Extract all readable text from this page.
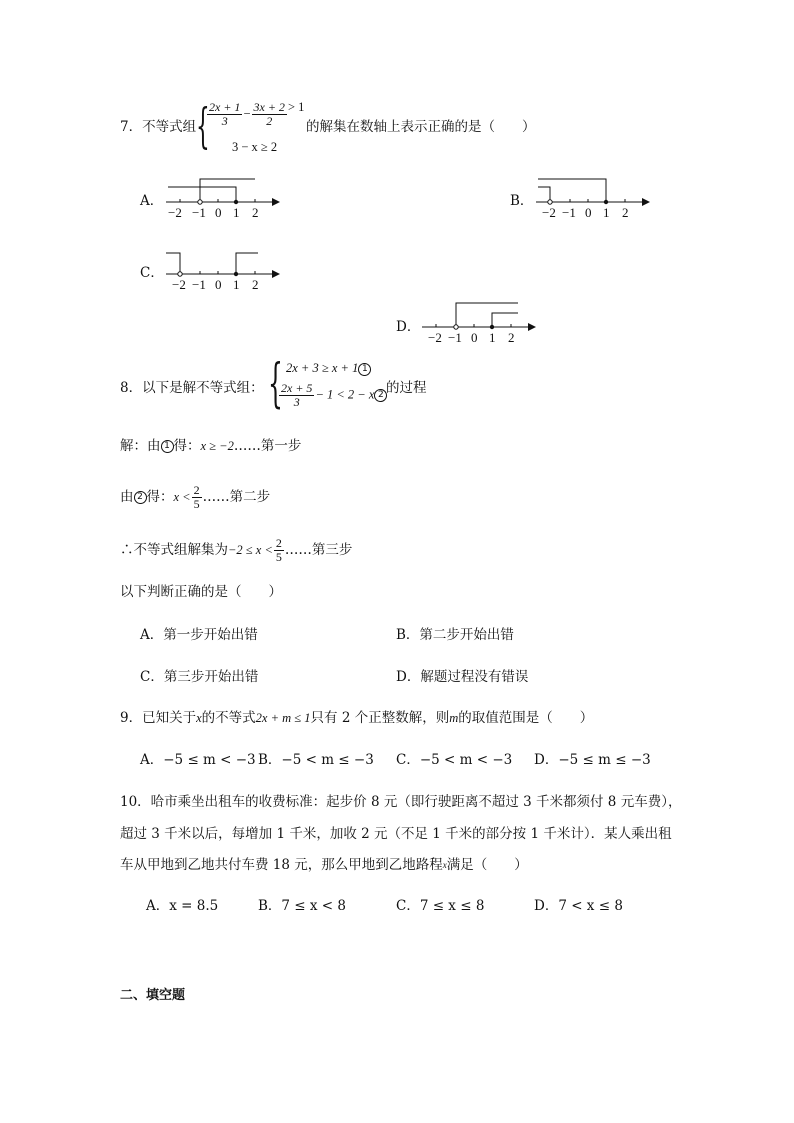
7．不等式组 {
$\frac{2x + 1}{3} - \frac{3x + 2}{2} > 1$
3 − x ≥ 2
的解集在数轴上表示正确的是（　　）
A．
−2 −1 0 1 2
B．
−2 −1 0 1 2
C．
−2 −1 0 1 2
D．
−2 −1 0 1 2
8．以下是解不等式组： { 2x + 3 ≥ x + 1 1
$\frac{2x + 5}{3} - 1 < 2 - x$ 2 的过程
解：由 1 得：x ≥ −2……第一步
由 2 得：$x < \frac{2}{5}$ ……第二步
∴不等式组解集为$-2 \le x < \frac{2}{5}$ ……第三步
以下判断正确的是（　　）
A．第一步开始出错	B．第二步开始出错
C．第三步开始出错	D．解题过程没有错误
9．已知关于x的不等式2x + m ≤ 1只有 2 个正整数解，则m的取值范围是（　　）
A．−5 ≤ m < −3 B．−5 < m ≤ −3 C．−5 < m < −3 D．−5 ≤ m ≤ −3
10．哈市乘坐出租车的收费标准：起步价 8 元（即行驶距离不超过 3 千米都须付 8 元车费），
超过 3 千米以后，每增加 1 千米，加收 2 元（不足 1 千米的部分按 1 千米计）．某人乘出租
车从甲地到乙地共付车费 18 元，那么甲地到乙地路程$^x$满足（　　）
A．x = 8.5	B．7 ≤ x < 8	C．7 ≤ x ≤ 8	D．7 < x ≤ 8
二、填空题
